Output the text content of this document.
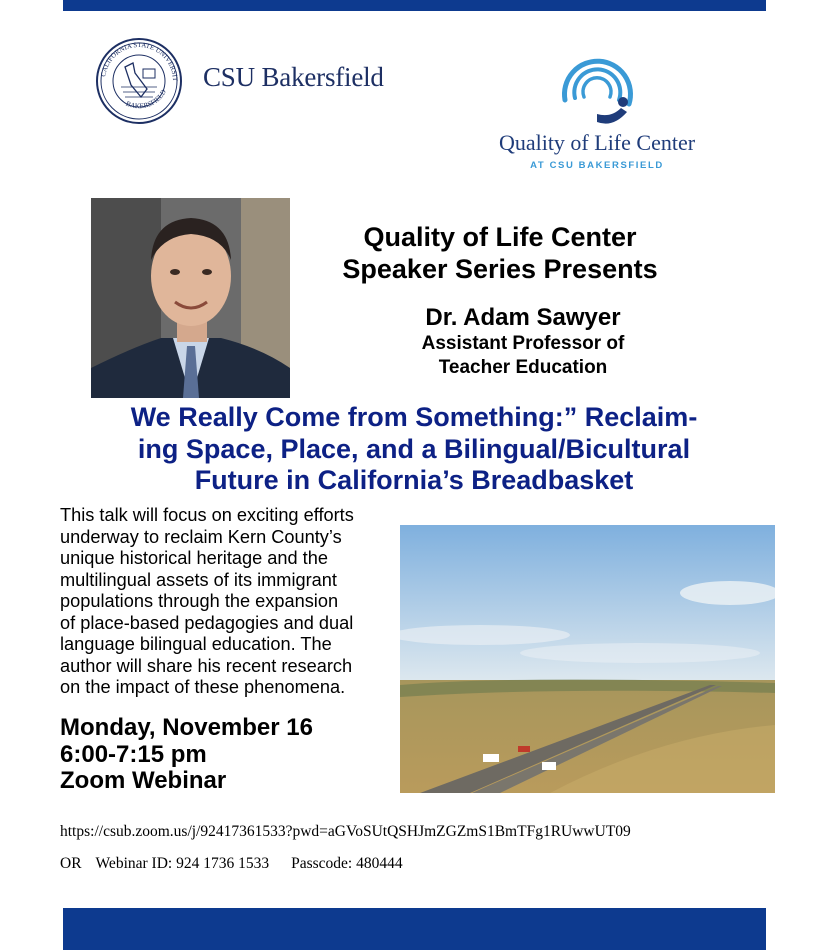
CALIFORNIA STATE UNIVERSIT
BAKERSFIELD
CSU Bakersfield
Quality of Life Center
AT CSU BAKERSFIELD
Quality of Life Center
Speaker Series Presents
Dr. Adam Sawyer
Assistant Professor of
Teacher Education
We Really Come from Something:” Reclaim-
ing Space, Place, and a Bilingual/Bicultural
Future in California’s Breadbasket
This talk will focus on exciting efforts
underway to reclaim Kern County’s
unique historical heritage and the
multilingual assets of its immigrant
populations through the expansion
of place-based pedagogies and dual
language bilingual education. The
author will share his recent research
on the impact of these phenomena.
Monday, November 16
6:00-7:15 pm
Zoom Webinar
https://csub.zoom.us/j/92417361533?pwd=aGVoSUtQSHJmZGZmS1BmTFg1RUwwUT09
OR Webinar ID: 924 1736 1533 Passcode: 480444
